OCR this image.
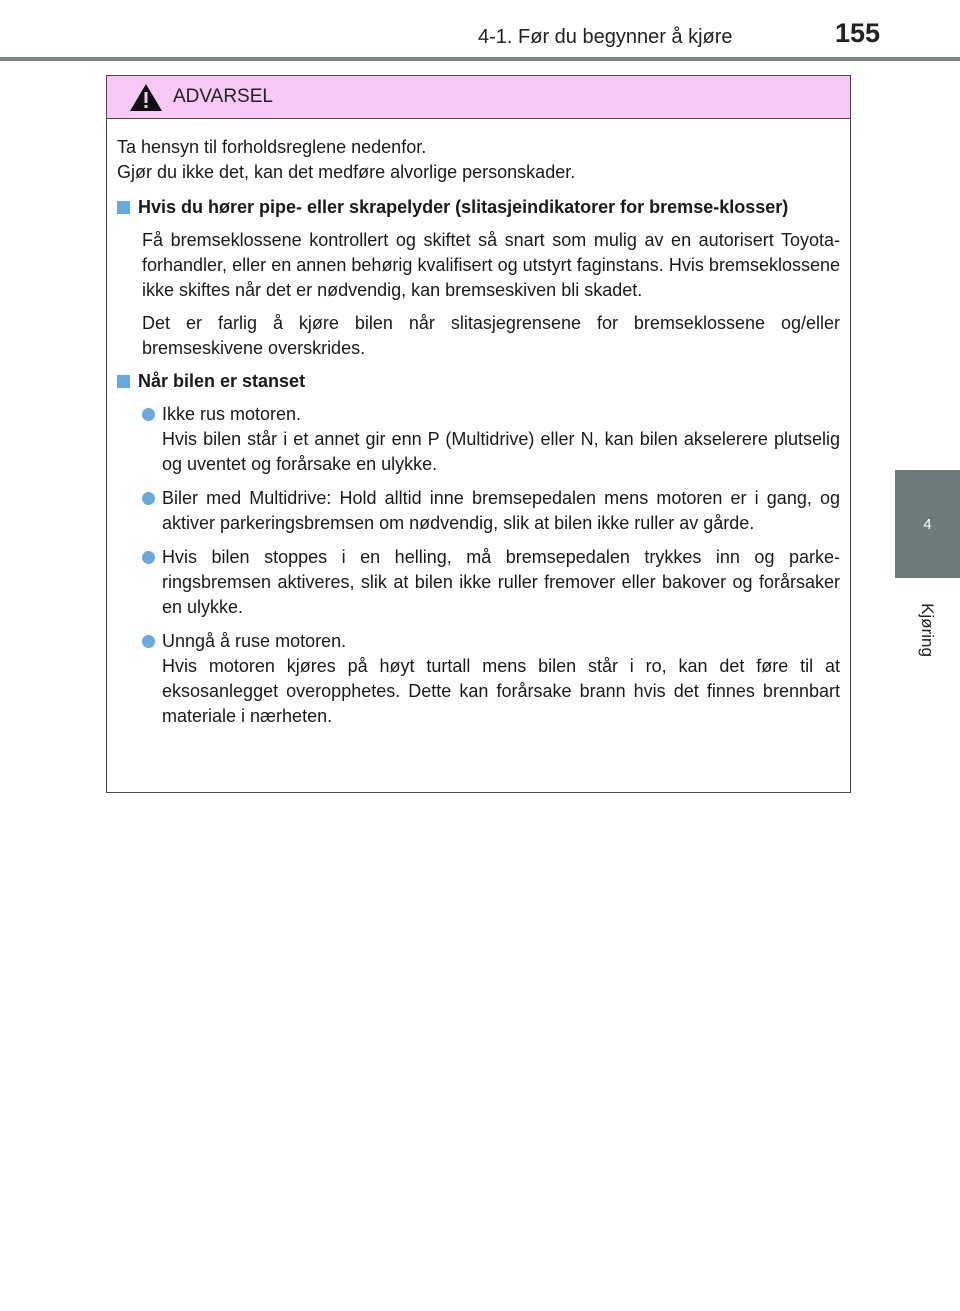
4-1. Før du begynner å kjøre	155
4
Kjøring
ADVARSEL

Ta hensyn til forholdsreglene nedenfor.
Gjør du ikke det, kan det medføre alvorlige personskader.

Hvis du hører pipe- eller skrapelyder (slitasjeindikatorer for bremse-klosser)

Få bremseklossene kontrollert og skiftet så snart som mulig av en autorisert Toyota-forhandler, eller en annen behørig kvalifisert og utstyrt faginstans. Hvis bremseklossene ikke skiftes når det er nødvendig, kan bremseskiven bli skadet.

Det er farlig å kjøre bilen når slitasjegrensene for bremseklossene og/eller bremseskivene overskrides.

Når bilen er stanset
Ikke rus motoren.
Hvis bilen står i et annet gir enn P (Multidrive) eller N, kan bilen akselerere plutselig og uventet og forårsake en ulykke.
Biler med Multidrive: Hold alltid inne bremsepedalen mens motoren er i gang, og aktiver parkeringsbremsen om nødvendig, slik at bilen ikke ruller av gårde.
Hvis bilen stoppes i en helling, må bremsepedalen trykkes inn og parke-ringsbremsen aktiveres, slik at bilen ikke ruller fremover eller bakover og forårsaker en ulykke.
Unngå å ruse motoren.
Hvis motoren kjøres på høyt turtall mens bilen står i ro, kan det føre til at eksosanlegget overopphetes. Dette kan forårsake brann hvis det finnes brennbart materiale i nærheten.
